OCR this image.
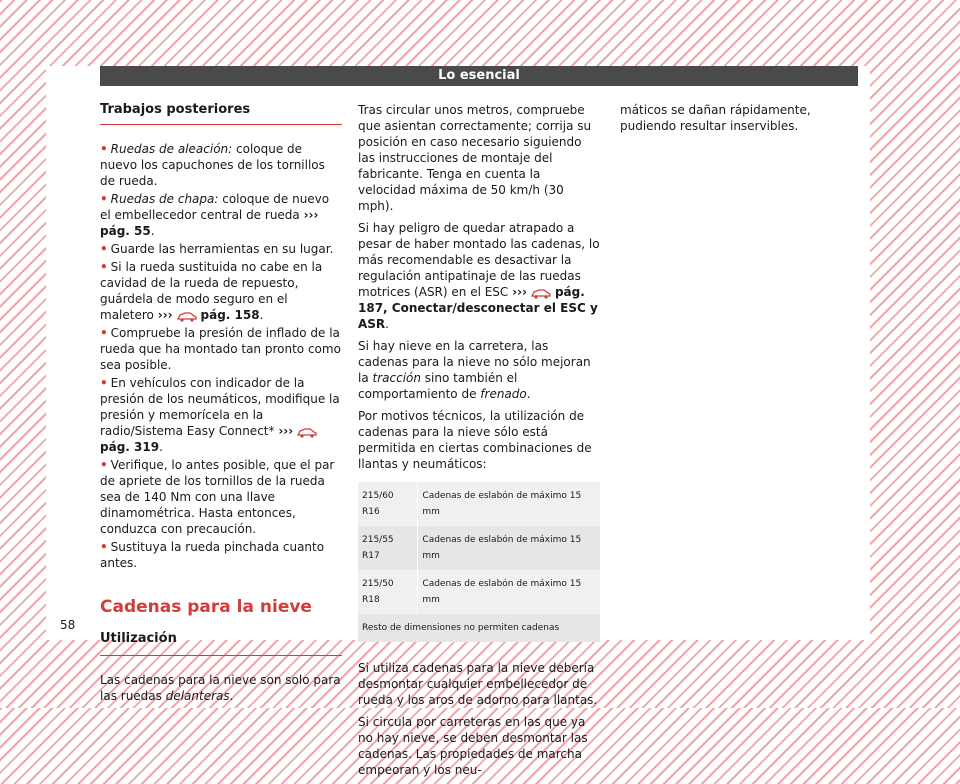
Lo esencial
Trabajos posteriores

• Ruedas de aleación: coloque de nuevo los capuchones de los tornillos de rueda.

• Ruedas de chapa: coloque de nuevo el embellecedor central de rueda ››› pág. 55.

• Guarde las herramientas en su lugar.

• Si la rueda sustituida no cabe en la cavidad de la rueda de repuesto, guárdela de modo seguro en el maletero ››› pág. 158.

• Compruebe la presión de inflado de la rueda que ha montado tan pronto como sea posible.

• En vehículos con indicador de la presión de los neumáticos, modifique la presión y memorícela en la radio/Sistema Easy Connect* ›››pág. 319.

• Verifique, lo antes posible, que el par de apriete de los tornillos de la rueda sea de 140 Nm con una llave dinamométrica. Hasta entonces, conduzca con precaución.

• Sustituya la rueda pinchada cuanto antes.

Cadenas para la nieve
Utilización

Las cadenas para la nieve son solo para las ruedas delanteras.

Tras circular unos metros, compruebe que asientan correctamente; corrija su posición en caso necesario siguiendo las instrucciones de montaje del fabricante. Tenga en cuenta la velocidad máxima de 50 km/h (30 mph).

Si hay peligro de quedar atrapado a pesar de haber montado las cadenas, lo más recomendable es desactivar la regulación antipatinaje de las ruedas motrices (ASR) en el ESC ››› pág. 187, Conectar/desconectar el ESC y ASR.

Si hay nieve en la carretera, las cadenas para la nieve no sólo mejoran la tracción sino también el comportamiento de frenado.

Por motivos técnicos, la utilización de cadenas para la nieve sólo está permitida en ciertas combinaciones de llantas y neumáticos:

215/60 R16	Cadenas de eslabón de máximo 15 mm
215/55 R17	Cadenas de eslabón de máximo 15 mm
215/50 R18	Cadenas de eslabón de máximo 15 mm
Resto de dimensiones no permiten cadenas	

Si utiliza cadenas para la nieve debería desmontar cualquier embellecedor de rueda y los aros de adorno para llantas.

Si circula por carreteras en las que ya no hay nieve, se deben desmontar las cadenas. Las propiedades de marcha empeoran y los neu-

máticos se dañan rápidamente, pudiendo resultar inservibles.

58
